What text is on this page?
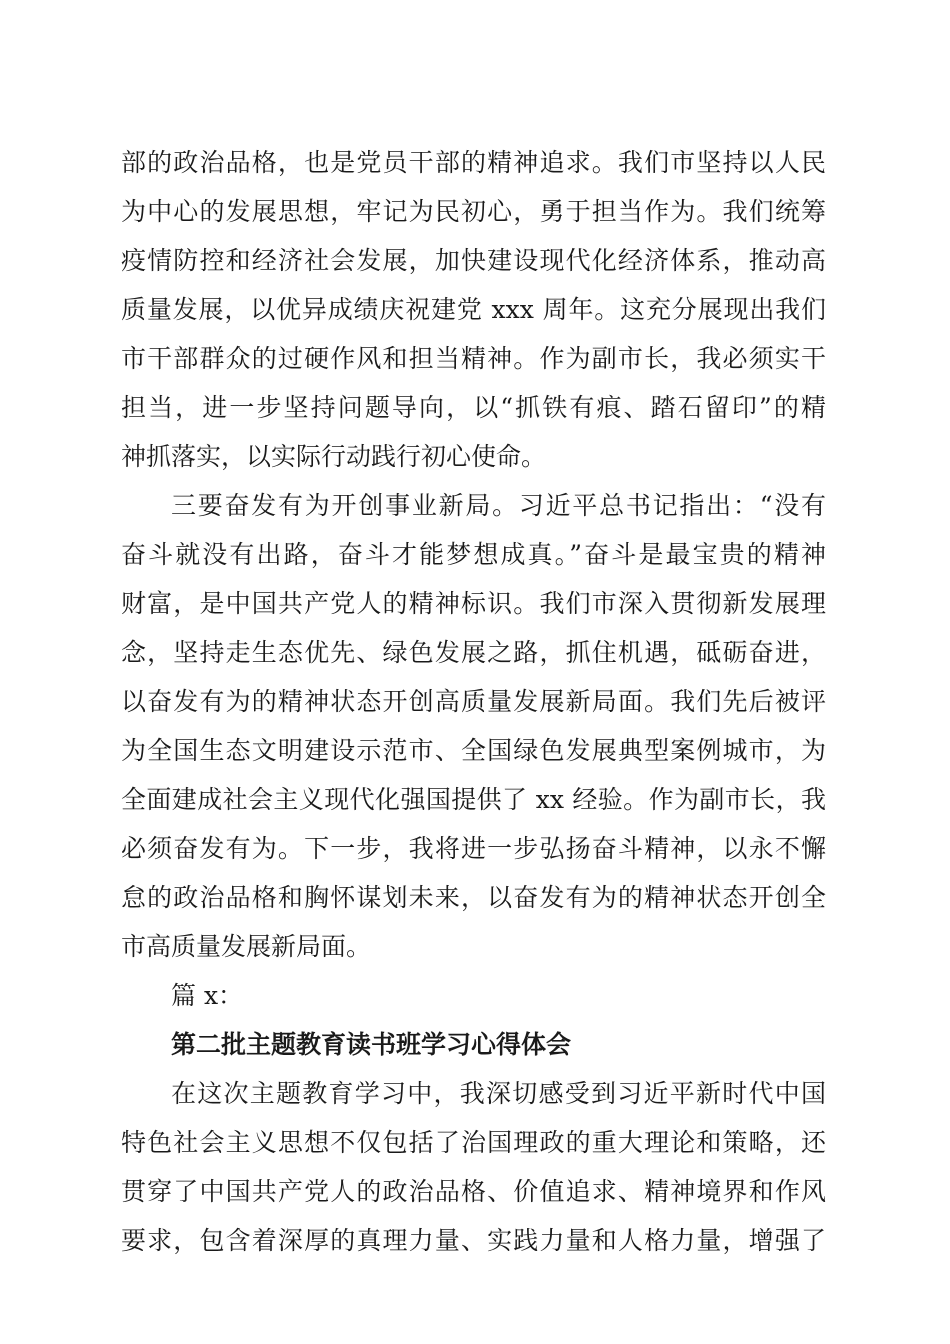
部的政治品格，也是党员干部的精神追求。我们市坚持以人民
为中心的发展思想，牢记为民初心，勇于担当作为。我们统筹
疫情防控和经济社会发展，加快建设现代化经济体系，推动高
质量发展，以优异成绩庆祝建党 xxx 周年。这充分展现出我们
市干部群众的过硬作风和担当精神。作为副市长，我必须实干
担当，进一步坚持问题导向，以“抓铁有痕、踏石留印”的精
神抓落实，以实际行动践行初心使命。
三要奋发有为开创事业新局。习近平总书记指出：“没有
奋斗就没有出路，奋斗才能梦想成真。”奋斗是最宝贵的精神
财富，是中国共产党人的精神标识。我们市深入贯彻新发展理
念，坚持走生态优先、绿色发展之路，抓住机遇，砥砺奋进，
以奋发有为的精神状态开创高质量发展新局面。我们先后被评
为全国生态文明建设示范市、全国绿色发展典型案例城市，为
全面建成社会主义现代化强国提供了 xx 经验。作为副市长，我
必须奋发有为。下一步，我将进一步弘扬奋斗精神，以永不懈
怠的政治品格和胸怀谋划未来，以奋发有为的精神状态开创全
市高质量发展新局面。
篇 x：
第二批主题教育读书班学习心得体会
在这次主题教育学习中，我深切感受到习近平新时代中国
特色社会主义思想不仅包括了治国理政的重大理论和策略，还
贯穿了中国共产党人的政治品格、价值追求、精神境界和作风
要求，包含着深厚的真理力量、实践力量和人格力量，增强了
